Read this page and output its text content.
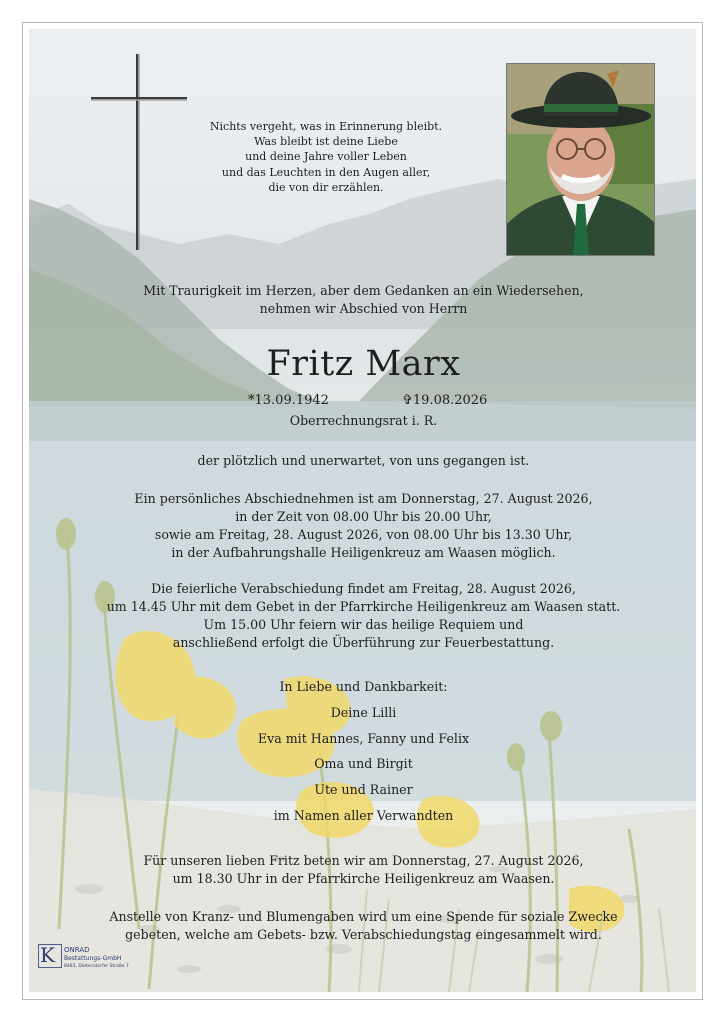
Nichts vergeht, was in Erinnerung bleibt.
Was bleibt ist deine Liebe
und deine Jahre voller Leben
und das Leuchten in den Augen aller,
die von dir erzählen.
Mit Traurigkeit im Herzen, aber dem Gedanken an ein Wiedersehen,
nehmen wir Abschied von Herrn
Fritz Marx
*13.09.1942	✞19.08.2026
Oberrechnungsrat i. R.
der plötzlich und unerwartet, von uns gegangen ist.
Ein persönliches Abschiednehmen ist am Donnerstag, 27. August 2026,
in der Zeit von 08.00 Uhr bis 20.00 Uhr,
sowie am Freitag, 28. August 2026, von 08.00 Uhr bis 13.30 Uhr,
in der Aufbahrungshalle Heiligenkreuz am Waasen möglich.
Die feierliche Verabschiedung findet am Freitag, 28. August 2026,
um 14.45 Uhr mit dem Gebet in der Pfarrkirche Heiligenkreuz am Waasen statt.
Um 15.00 Uhr feiern wir das heilige Requiem und
anschließend erfolgt die Überführung zur Feuerbestattung.
In Liebe und Dankbarkeit:
Deine Lilli
Eva mit Hannes, Fanny und Felix
Oma und Birgit
Ute und Rainer
im Namen aller Verwandten
Für unseren lieben Fritz beten wir am Donnerstag, 27. August 2026,
um 18.30 Uhr in der Pfarrkirche Heiligenkreuz am Waasen.
Anstelle von Kranz- und Blumengaben wird um eine Spende für soziale Zwecke
gebeten, welche am Gebets- bzw. Verabschiedungstag eingesammelt wird.
K ONRAD
Bestattungs-GmbH
8483, Dietersdorfer Straße 7
